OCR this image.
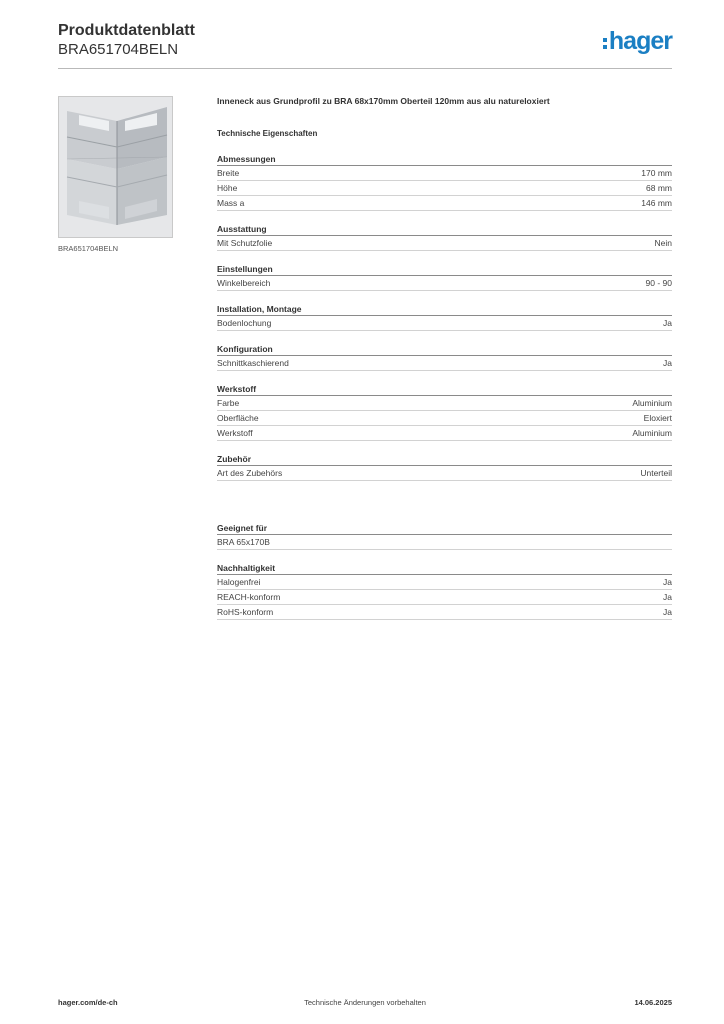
Produktdatenblatt
BRA651704BELN	hager
BRA651704BELN
Inneneck aus Grundprofil zu BRA 68x170mm Oberteil 120mm aus alu natureloxiert
Technische Eigenschaften
Abmessungen
Breite	170 mm
Höhe	68 mm
Mass a	146 mm
Ausstattung
Mit Schutzfolie	Nein
Einstellungen
Winkelbereich	90 - 90
Installation, Montage
Bodenlochung	Ja
Konfiguration
Schnittkaschierend	Ja
Werkstoff
Farbe	Aluminium
Oberfläche	Eloxiert
Werkstoff	Aluminium
Zubehör
Art des Zubehörs	Unterteil
Geeignet für
BRA 65x170B
Nachhaltigkeit
Halogenfrei	Ja
REACH-konform	Ja
RoHS-konform	Ja
hager.com/de-ch	Technische Änderungen vorbehalten	14.06.2025
